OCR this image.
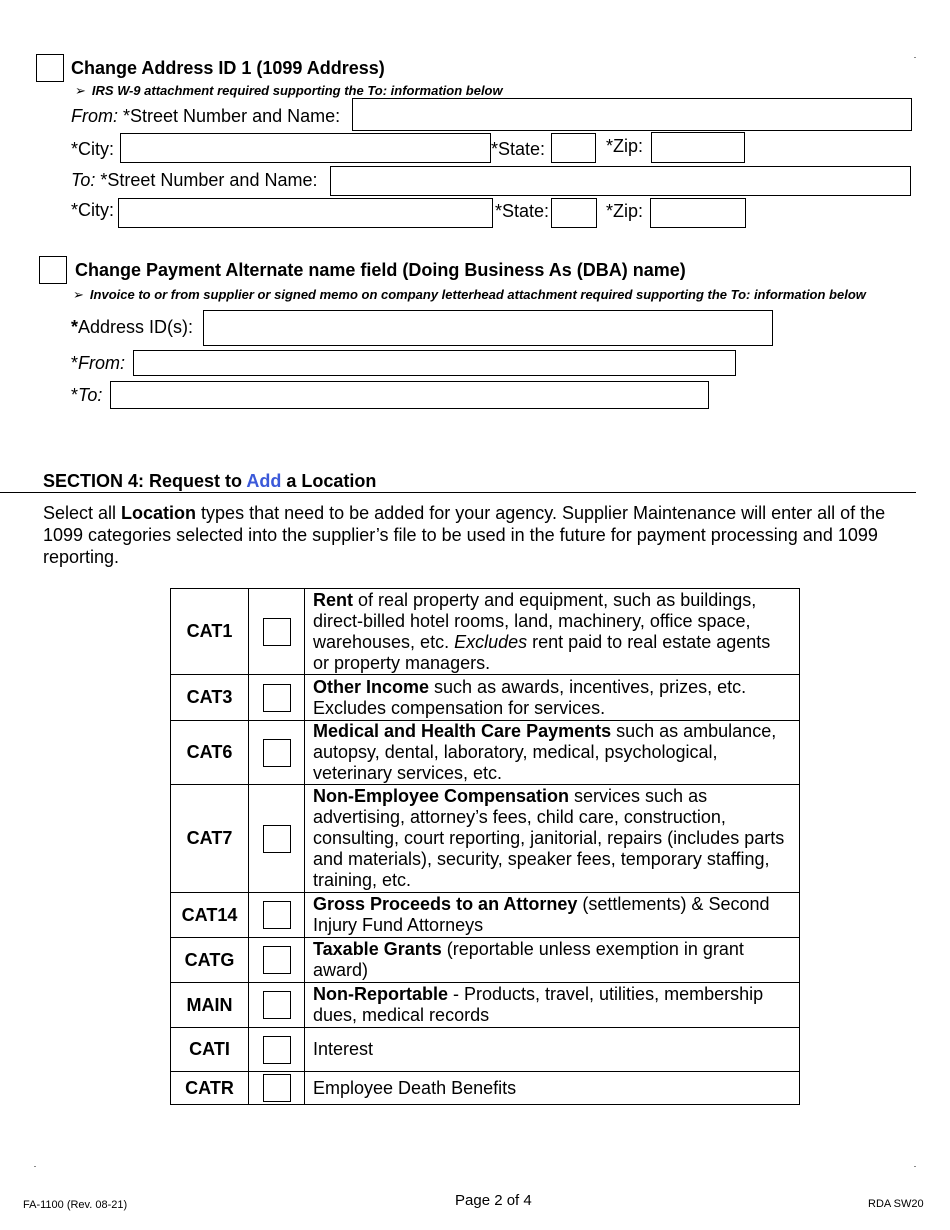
Change Address ID 1 (1099 Address)
➢ IRS W-9 attachment required supporting the To: information below
From: *Street Number and Name:
*City:	*State:	*Zip:
To: *Street Number and Name:
*City:	*State:	*Zip:
Change Payment Alternate name field (Doing Business As (DBA) name)
➢ Invoice to or from supplier or signed memo on company letterhead attachment required supporting the To: information below
*Address ID(s):
*From:
*To:
SECTION 4: Request to Add a Location
Select all Location types that need to be added for your agency. Supplier Maintenance will enter all of the 1099 categories selected into the supplier’s file to be used in the future for payment processing and 1099 reporting.
CAT1		Rent of real property and equipment, such as buildings, direct-billed hotel rooms, land, machinery, office space, warehouses, etc. Excludes rent paid to real estate agents or property managers.
CAT3		Other Income such as awards, incentives, prizes, etc. Excludes compensation for services.
CAT6		Medical and Health Care Payments such as ambulance, autopsy, dental, laboratory, medical, psychological, veterinary services, etc.
CAT7		Non-Employee Compensation services such as advertising, attorney’s fees, child care, construction, consulting, court reporting, janitorial, repairs (includes parts and materials), security, speaker fees, temporary staffing, training, etc.
CAT14		Gross Proceeds to an Attorney (settlements) & Second Injury Fund Attorneys
CATG		Taxable Grants (reportable unless exemption in grant award)
MAIN		Non-Reportable - Products, travel, utilities, membership dues, medical records
CATI		Interest
CATR		Employee Death Benefits
FA-1100 (Rev. 08-21)	Page 2 of 4	RDA SW20
